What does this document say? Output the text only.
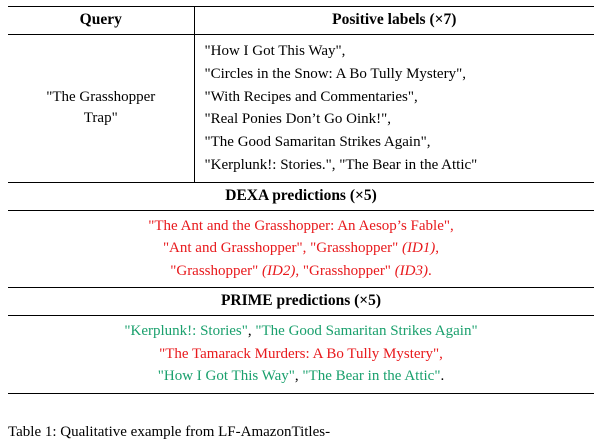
Query	Positive labels (×7)

"The Grasshopper
Trap"

"How I Got This Way",
"Circles in the Snow: A Bo Tully Mystery",
"With Recipes and Commentaries",
"Real Ponies Don’t Go Oink!",
"The Good Samaritan Strikes Again",
"Kerplunk!: Stories.", "The Bear in the Attic"

DEXA predictions (×5)	

"The Ant and the Grasshopper: An Aesop’s Fable",
"Ant and Grasshopper", "Grasshopper" (ID1),
"Grasshopper" (ID2), "Grasshopper" (ID3).	

PRIME predictions (×5)	

"Kerplunk!: Stories", "The Good Samaritan Strikes Again"
"The Tamarack Murders: A Bo Tully Mystery",
"How I Got This Way", "The Bear in the Attic".	
Table 1: Qualitative example from LF-AmazonTitles-
